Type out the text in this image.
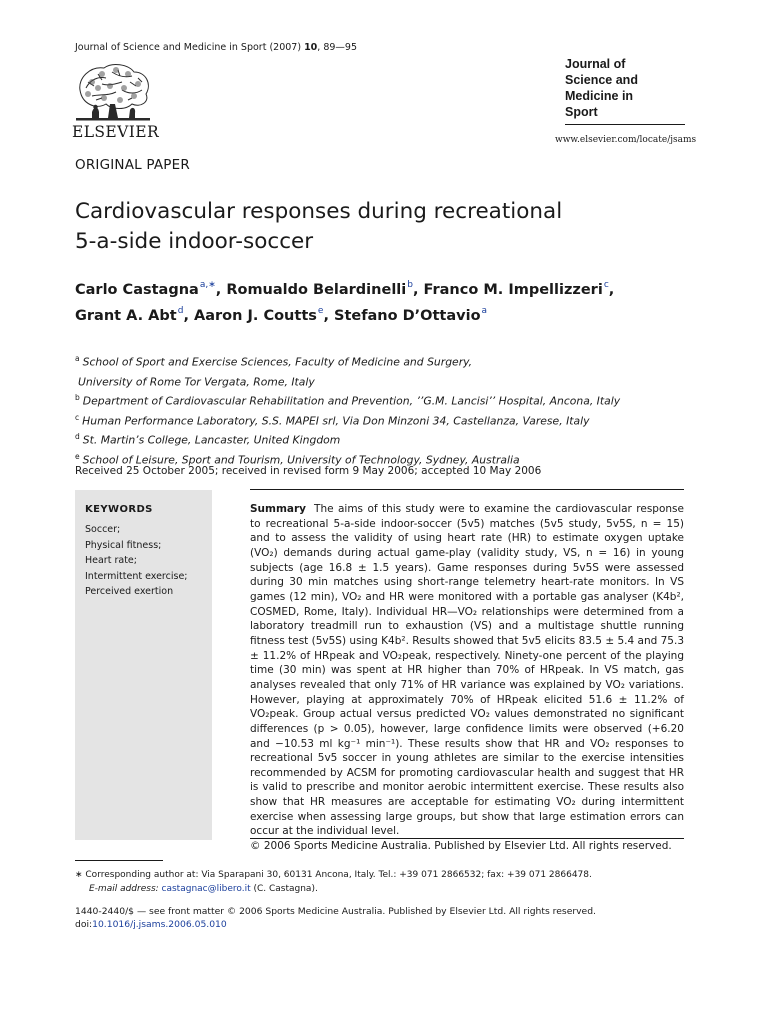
Journal of Science and Medicine in Sport (2007) 10, 89—95
ELSEVIER
Journal of
Science and
Medicine in
Sport
www.elsevier.com/locate/jsams
ORIGINAL PAPER
Cardiovascular responses during recreational
5-a-side indoor-soccer
Carlo Castagna$^{a,∗}$, Romualdo Belardinelli$^b$, Franco M. Impellizzeri$^c$,
Grant A. Abt$^d$, Aaron J. Coutts$^e$, Stefano D’Ottavio$^a$
$^a$ School of Sport and Exercise Sciences, Faculty of Medicine and Surgery,
University of Rome Tor Vergata, Rome, Italy
$^b$ Department of Cardiovascular Rehabilitation and Prevention, ’’G.M. Lancisi’’ Hospital, Ancona, Italy
$^c$ Human Performance Laboratory, S.S. MAPEI srl, Via Don Minzoni 34, Castellanza, Varese, Italy
$^d$ St. Martin’s College, Lancaster, United Kingdom
$^e$ School of Leisure, Sport and Tourism, University of Technology, Sydney, Australia
Received 25 October 2005; received in revised form 9 May 2006; accepted 10 May 2006
KEYWORDS
Soccer;
Physical fitness;
Heart rate;
Intermittent exercise;
Perceived exertion
Summary The aims of this study were to examine the cardiovascular response to recreational 5-a-side indoor-soccer (5v5) matches (5v5 study, 5v5S, n = 15) and to assess the validity of using heart rate (HR) to estimate oxygen uptake (VO₂) demands during actual game-play (validity study, VS, n = 16) in young subjects (age 16.8 ± 1.5 years). Game responses during 5v5S were assessed during 30 min matches using short-range telemetry heart-rate monitors. In VS games (12 min), VO₂ and HR were monitored with a portable gas analyser (K4b², COSMED, Rome, Italy). Individual HR—VO₂ relationships were determined from a laboratory treadmill run to exhaustion (VS) and a multistage shuttle running fitness test (5v5S) using K4b². Results showed that 5v5 elicits 83.5 ± 5.4 and 75.3 ± 11.2% of HRpeak and VO₂peak, respectively. Ninety-one percent of the playing time (30 min) was spent at HR higher than 70% of HRpeak. In VS match, gas analyses revealed that only 71% of HR variance was explained by VO₂ variations. However, playing at approximately 70% of HRpeak elicited 51.6 ± 11.2% of VO₂peak. Group actual versus predicted VO₂ values demonstrated no significant differences (p > 0.05), however, large confidence limits were observed (+6.20 and −10.53 ml kg⁻¹ min⁻¹). These results show that HR and VO₂ responses to recreational 5v5 soccer in young athletes are similar to the exercise intensities recommended by ACSM for promoting cardiovascular health and suggest that HR is valid to prescribe and monitor aerobic intermittent exercise. These results also show that HR measures are acceptable for estimating VO₂ during intermittent exercise when assessing large groups, but show that large estimation errors can occur at the individual level.
© 2006 Sports Medicine Australia. Published by Elsevier Ltd. All rights reserved.
∗ Corresponding author at: Via Sparapani 30, 60131 Ancona, Italy. Tel.: +39 071 2866532; fax: +39 071 2866478.
E-mail address: castagnac@libero.it (C. Castagna).
1440-2440/$ — see front matter © 2006 Sports Medicine Australia. Published by Elsevier Ltd. All rights reserved.
doi:10.1016/j.jsams.2006.05.010
